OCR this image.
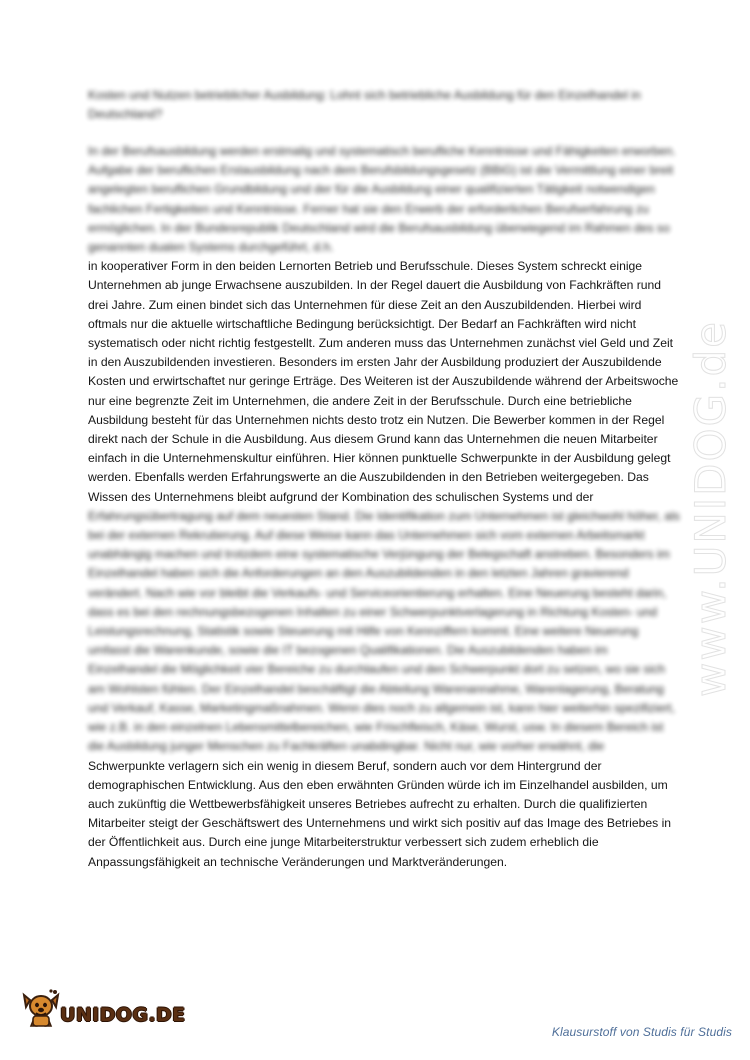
Kosten und Nutzen betrieblicher Ausbildung: Lohnt sich betriebliche Ausbildung für den Einzelhandel in Deutschland?

In der Berufsausbildung werden erstmalig und systematisch berufliche Kenntnisse und Fähigkeiten erworben. Aufgabe der beruflichen Erstausbildung nach dem Berufsbildungsgesetz (BBiG) ist die Vermittlung einer breit angelegten beruflichen Grundbildung und der für die Ausbildung einer qualifizierten Tätigkeit notwendigen fachlichen Fertigkeiten und Kenntnisse. Ferner hat sie den Erwerb der erforderlichen Berufserfahrung zu ermöglichen. In der Bundesrepublik Deutschland wird die Berufsausbildung überwiegend im Rahmen des so genannten dualen Systems durchgeführt, d.h.

in kooperativer Form in den beiden Lernorten Betrieb und Berufsschule. Dieses System schreckt einige Unternehmen ab junge Erwachsene auszubilden. In der Regel dauert die Ausbildung von Fachkräften rund drei Jahre. Zum einen bindet sich das Unternehmen für diese Zeit an den Auszubildenden. Hierbei wird oftmals nur die aktuelle wirtschaftliche Bedingung berücksichtigt. Der Bedarf an Fachkräften wird nicht systematisch oder nicht richtig festgestellt. Zum anderen muss das Unternehmen zunächst viel Geld und Zeit in den Auszubildenden investieren. Besonders im ersten Jahr der Ausbildung produziert der Auszubildende Kosten und erwirtschaftet nur geringe Erträge. Des Weiteren ist der Auszubildende während der Arbeitswoche nur eine begrenzte Zeit im Unternehmen, die andere Zeit in der Berufsschule. Durch eine betriebliche Ausbildung besteht für das Unternehmen nichts desto trotz ein Nutzen. Die Bewerber kommen in der Regel direkt nach der Schule in die Ausbildung. Aus diesem Grund kann das Unternehmen die neuen Mitarbeiter einfach in die Unternehmenskultur einführen. Hier können punktuelle Schwerpunkte in der Ausbildung gelegt werden. Ebenfalls werden Erfahrungswerte an die Auszubildenden in den Betrieben weitergegeben. Das Wissen des Unternehmens bleibt aufgrund der Kombination des schulischen Systems und der

Erfahrungsübertragung auf dem neuesten Stand. Die Identifikation zum Unternehmen ist gleichwohl höher, als bei der externen Rekrutierung. Auf diese Weise kann das Unternehmen sich vom externen Arbeitsmarkt unabhängig machen und trotzdem eine systematische Verjüngung der Belegschaft anstreben. Besonders im Einzelhandel haben sich die Anforderungen an den Auszubildenden in den letzten Jahren gravierend verändert. Nach wie vor bleibt die Verkaufs- und Serviceorientierung erhalten. Eine Neuerung besteht darin, dass es bei den rechnungsbezogenen Inhalten zu einer Schwerpunktverlagerung in Richtung Kosten- und Leistungsrechnung, Statistik sowie Steuerung mit Hilfe von Kennziffern kommt. Eine weitere Neuerung umfasst die Warenkunde, sowie die IT bezogenen Qualifikationen. Die Auszubildenden haben im Einzelhandel die Möglichkeit vier Bereiche zu durchlaufen und den Schwerpunkt dort zu setzen, wo sie sich am Wohlsten fühlen. Der Einzelhandel beschäftigt die Abteilung Warenannahme, Warenlagerung, Beratung und Verkauf, Kasse, Marketingmaßnahmen. Wenn dies noch zu allgemein ist, kann hier weiterhin spezifiziert, wie z.B. in den einzelnen Lebensmittelbereichen, wie Frischfleisch, Käse, Wurst, usw. In diesem Bereich ist die Ausbildung junger Menschen zu Fachkräften unabdingbar. Nicht nur, wie vorher erwähnt, die

Schwerpunkte verlagern sich ein wenig in diesem Beruf, sondern auch vor dem Hintergrund der demographischen Entwicklung. Aus den eben erwähnten Gründen würde ich im Einzelhandel ausbilden, um auch zukünftig die Wettbewerbsfähigkeit unseres Betriebes aufrecht zu erhalten. Durch die qualifizierten Mitarbeiter steigt der Geschäftswert des Unternehmens und wirkt sich positiv auf das Image des Betriebes in der Öffentlichkeit aus. Durch eine junge Mitarbeiterstruktur verbessert sich zudem erheblich die Anpassungsfähigkeit an technische Veränderungen und Marktveränderungen.

www.UNIDOG.de
UNIDOG.DE
Klausurstoff von Studis für Studis
